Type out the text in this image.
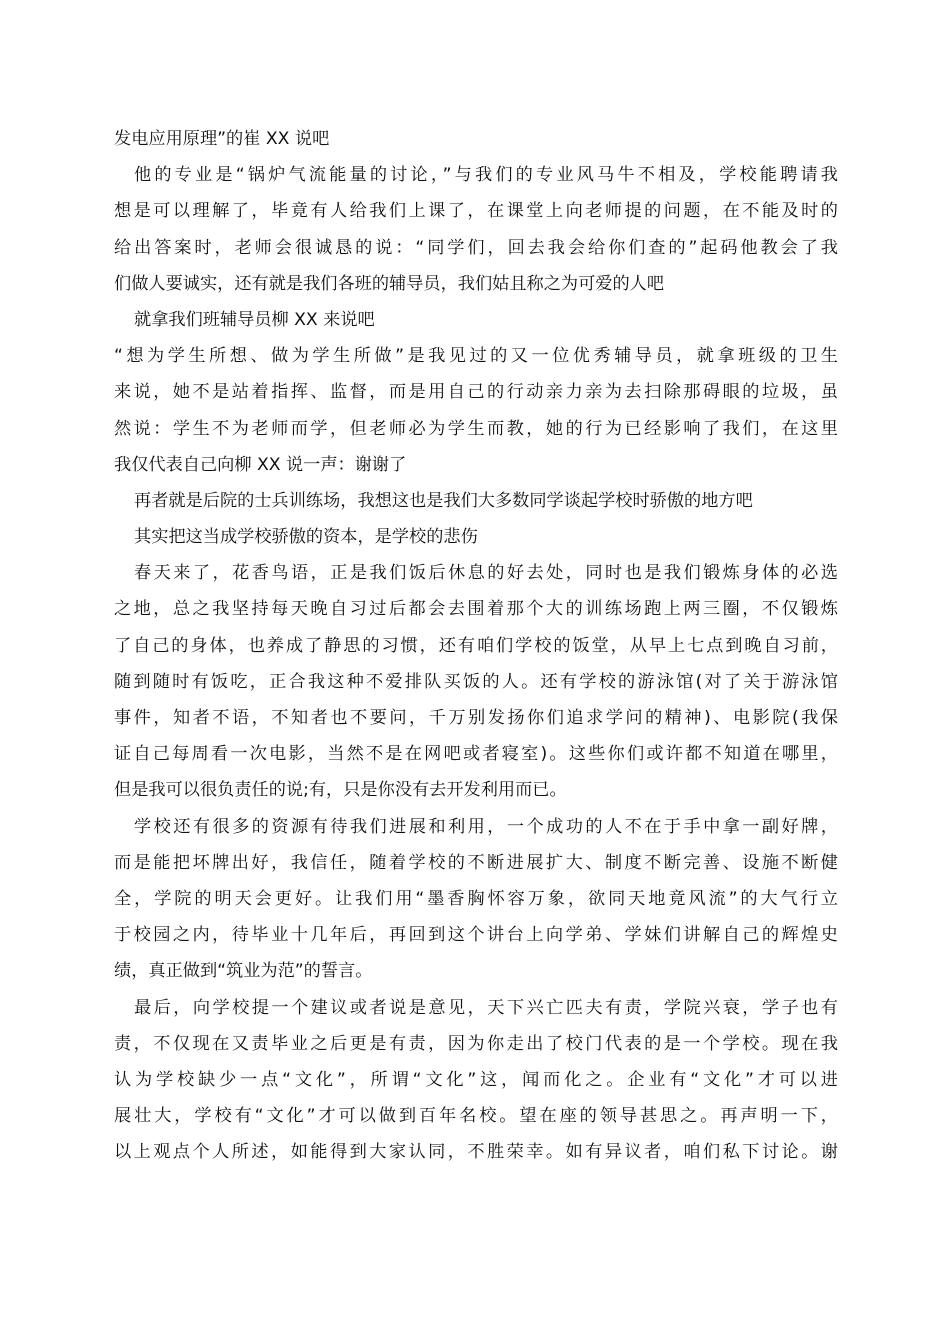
发电应用原理”的崔 XX 说吧
他的专业是“锅炉气流能量的讨论，”与我们的专业风马牛不相及，学校能聘请我
想是可以理解了，毕竟有人给我们上课了，在课堂上向老师提的问题，在不能及时的
给出答案时，老师会很诚恳的说：“同学们，回去我会给你们查的”起码他教会了我
们做人要诚实，还有就是我们各班的辅导员，我们姑且称之为可爱的人吧
就拿我们班辅导员柳 XX 来说吧
“想为学生所想、做为学生所做”是我见过的又一位优秀辅导员，就拿班级的卫生
来说，她不是站着指挥、监督，而是用自己的行动亲力亲为去扫除那碍眼的垃圾，虽
然说：学生不为老师而学，但老师必为学生而教，她的行为已经影响了我们，在这里
我仅代表自己向柳 XX 说一声：谢谢了
再者就是后院的士兵训练场，我想这也是我们大多数同学谈起学校时骄傲的地方吧
其实把这当成学校骄傲的资本，是学校的悲伤
春天来了，花香鸟语，正是我们饭后休息的好去处，同时也是我们锻炼身体的必选
之地，总之我坚持每天晚自习过后都会去围着那个大的训练场跑上两三圈，不仅锻炼
了自己的身体，也养成了静思的习惯，还有咱们学校的饭堂，从早上七点到晚自习前，
随到随时有饭吃，正合我这种不爱排队买饭的人。还有学校的游泳馆(对了关于游泳馆
事件，知者不语，不知者也不要问，千万别发扬你们追求学问的精神)、电影院(我保
证自己每周看一次电影，当然不是在网吧或者寝室)。这些你们或许都不知道在哪里，
但是我可以很负责任的说;有，只是你没有去开发利用而已。
学校还有很多的资源有待我们进展和利用，一个成功的人不在于手中拿一副好牌，
而是能把坏牌出好，我信任，随着学校的不断进展扩大、制度不断完善、设施不断健
全，学院的明天会更好。让我们用“墨香胸怀容万象，欲同天地竟风流”的大气行立
于校园之内，待毕业十几年后，再回到这个讲台上向学弟、学妹们讲解自己的辉煌史
绩，真正做到“筑业为范”的誓言。
最后，向学校提一个建议或者说是意见，天下兴亡匹夫有责，学院兴衰，学子也有
责，不仅现在又责毕业之后更是有责，因为你走出了校门代表的是一个学校。现在我
认为学校缺少一点“文化”，所谓“文化”这，闻而化之。企业有“文化”才可以进
展壮大，学校有“文化”才可以做到百年名校。望在座的领导甚思之。再声明一下，
以上观点个人所述，如能得到大家认同，不胜荣幸。如有异议者，咱们私下讨论。谢
